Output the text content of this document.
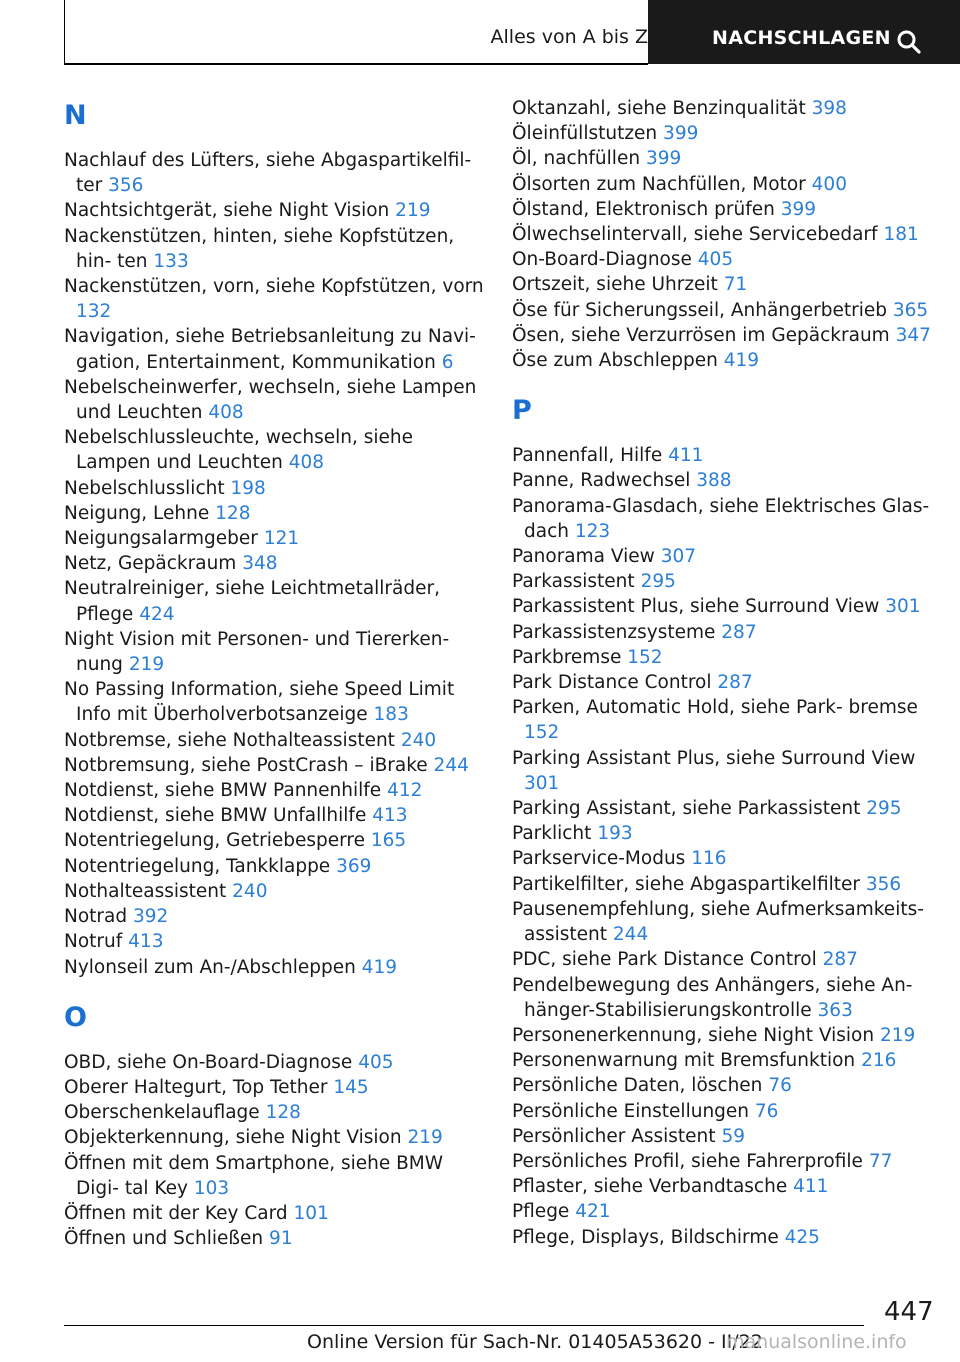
Alles von A bis Z	NACHSCHLAGEN
N

Nachlauf des Lüfters, siehe Abgaspartikelfil‐ ter 356

Nachtsichtgerät, siehe Night Vision 219

Nackenstützen, hinten, siehe Kopfstützen, hin‐ ten 133

Nackenstützen, vorn, siehe Kopfstützen, vorn 132

Navigation, siehe Betriebsanleitung zu Navi‐ gation, Entertainment, Kommunikation 6

Nebelscheinwerfer, wechseln, siehe Lampen und Leuchten 408

Nebelschlussleuchte, wechseln, siehe Lampen und Leuchten 408

Nebelschlusslicht 198

Neigung, Lehne 128

Neigungsalarmgeber 121

Netz, Gepäckraum 348

Neutralreiniger, siehe Leichtmetallräder, Pflege 424

Night Vision mit Personen- und Tiererken‐ nung 219

No Passing Information, siehe Speed Limit Info mit Überholverbotsanzeige 183

Notbremse, siehe Nothalteassistent 240

Notbremsung, siehe PostCrash – iBrake 244

Notdienst, siehe BMW Pannenhilfe 412

Notdienst, siehe BMW Unfallhilfe 413

Notentriegelung, Getriebesperre 165

Notentriegelung, Tankklappe 369

Nothalteassistent 240

Notrad 392

Notruf 413

Nylonseil zum An-/Abschleppen 419

O

OBD, siehe On-Board-Diagnose 405

Oberer Haltegurt, Top Tether 145

Oberschenkelauflage 128

Objekterkennung, siehe Night Vision 219

Öffnen mit dem Smartphone, siehe BMW Digi‐ tal Key 103

Öffnen mit der Key Card 101

Öffnen und Schließen 91

Oktanzahl, siehe Benzinqualität 398

Öleinfüllstutzen 399

Öl, nachfüllen 399

Ölsorten zum Nachfüllen, Motor 400

Ölstand, Elektronisch prüfen 399

Ölwechselintervall, siehe Servicebedarf 181

On-Board-Diagnose 405

Ortszeit, siehe Uhrzeit 71

Öse für Sicherungsseil, Anhängerbetrieb 365

Ösen, siehe Verzurrösen im Gepäckraum 347

Öse zum Abschleppen 419

P

Pannenfall, Hilfe 411

Panne, Radwechsel 388

Panorama-Glasdach, siehe Elektrisches Glas‐ dach 123

Panorama View 307

Parkassistent 295

Parkassistent Plus, siehe Surround View 301

Parkassistenzsysteme 287

Parkbremse 152

Park Distance Control 287

Parken, Automatic Hold, siehe Park‐ bremse 152

Parking Assistant Plus, siehe Surround View 301

Parking Assistant, siehe Parkassistent 295

Parklicht 193

Parkservice-Modus 116

Partikelfilter, siehe Abgaspartikelfilter 356

Pausenempfehlung, siehe Aufmerksamkeits‐ assistent 244

PDC, siehe Park Distance Control 287

Pendelbewegung des Anhängers, siehe An‐ hänger-Stabilisierungskontrolle 363

Personenerkennung, siehe Night Vision 219

Personenwarnung mit Bremsfunktion 216

Persönliche Daten, löschen 76

Persönliche Einstellungen 76

Persönlicher Assistent 59

Persönliches Profil, siehe Fahrerprofile 77

Pflaster, siehe Verbandtasche 411

Pflege 421

Pflege, Displays, Bildschirme 425

447
Online Version für Sach-Nr. 01405A53620 - II/22
manualsonline.info
